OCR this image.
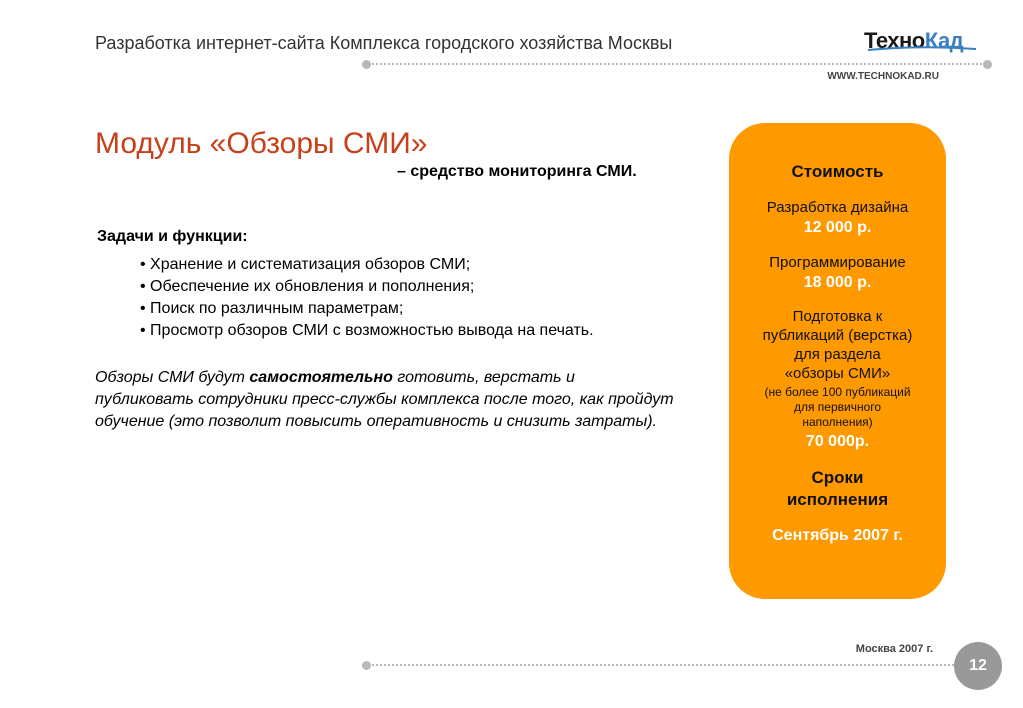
Разработка интернет-сайта Комплекса городского хозяйства Москвы	ТехноКад
WWW.TECHNOKAD.RU
Модуль «Обзоры СМИ»
– средство мониторинга СМИ.
Задачи и функции:
• Хранение и систематизация обзоров СМИ;
• Обеспечение их обновления и пополнения;
• Поиск по различным параметрам;
• Просмотр обзоров СМИ с возможностью вывода на печать.
Обзоры СМИ будут самостоятельно готовить, верстать и публиковать сотрудники пресс-службы комплекса после того, как пройдут обучение (это позволит повысить оперативность и снизить затраты).
Стоимость
Разработка дизайна
12 000 р.
Программирование
18 000 р.
Подготовка к
публикаций (верстка)
для раздела
«обзоры СМИ»
(не более 100 публикаций
для первичного
наполнения)
70 000р.
Сроки
исполнения
Сентябрь 2007 г.
Москва 2007 г.
12
